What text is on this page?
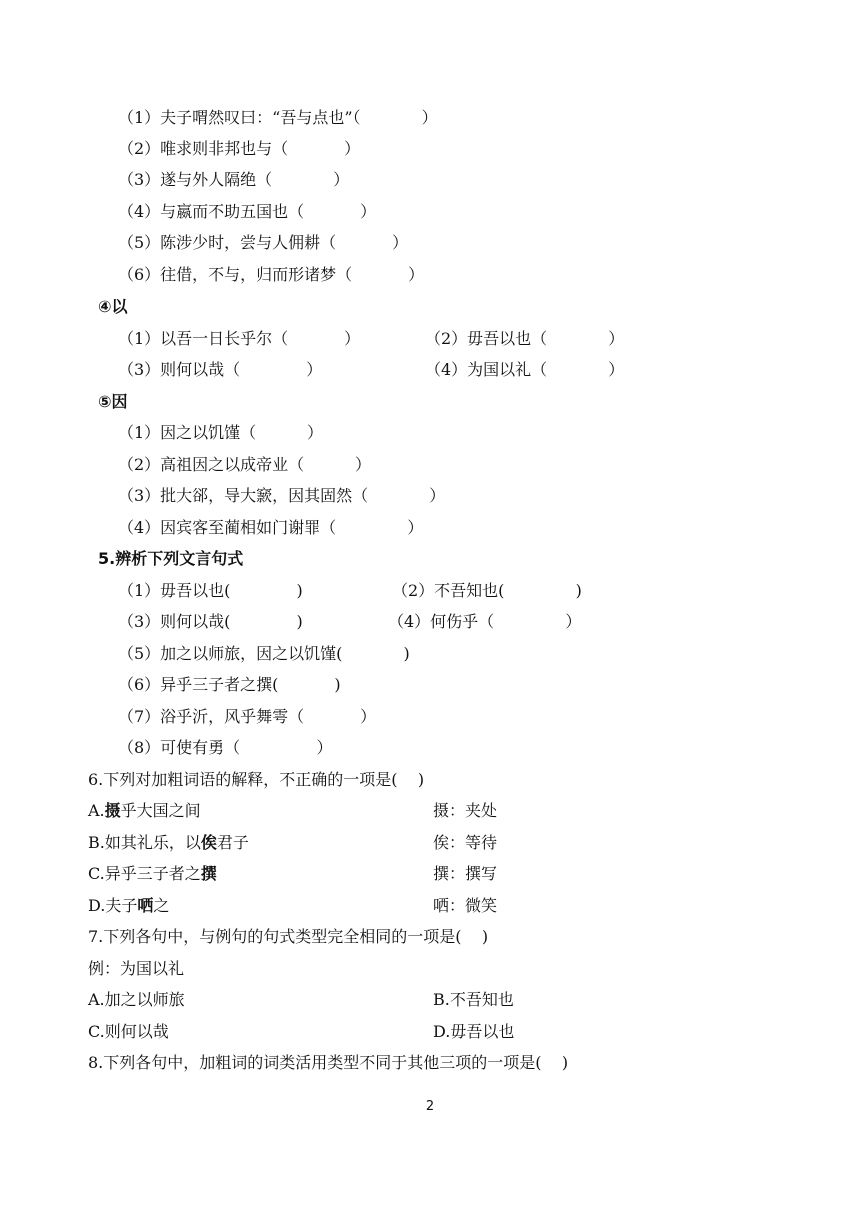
（1）夫子喟然叹曰：“吾与点也”（            ）
（2）唯求则非邦也与（           ）
（3）遂与外人隔绝（            ）
（4）与嬴而不助五国也（           ）
（5）陈涉少时，尝与人佣耕（           ）
（6）往借，不与，归而形诸梦（           ）
④以
（1）以吾一日长乎尔（           ）	（2）毋吾以也（            ）
（3）则何以哉（             ）	（4）为国以礼（            ）
⑤因
（1）因之以饥馑（          ）
（2）高祖因之以成帝业（          ）
（3）批大郤，导大窾，因其固然（            ）
（4）因宾客至蔺相如门谢罪（              ）
5.辨析下列文言句式
（1）毋吾以也(             )	（2）不吾知也(              )
（3）则何以哉(             )	（4）何伤乎（              ）
（5）加之以师旅，因之以饥馑(            )
（6）异乎三子者之撰(           )
（7）浴乎沂，风乎舞雩（           ）
（8）可使有勇（               ）
6.下列对加粗词语的解释，不正确的一项是(    )
A.摄乎大国之间	摄：夹处
B.如其礼乐，以俟君子	俟：等待
C.异乎三子者之撰	撰：撰写
D.夫子哂之	哂：微笑
7.下列各句中，与例句的句式类型完全相同的一项是(    )
例：为国以礼
A.加之以师旅	B.不吾知也
C.则何以哉	D.毋吾以也
8.下列各句中，加粗词的词类活用类型不同于其他三项的一项是(    )
2
